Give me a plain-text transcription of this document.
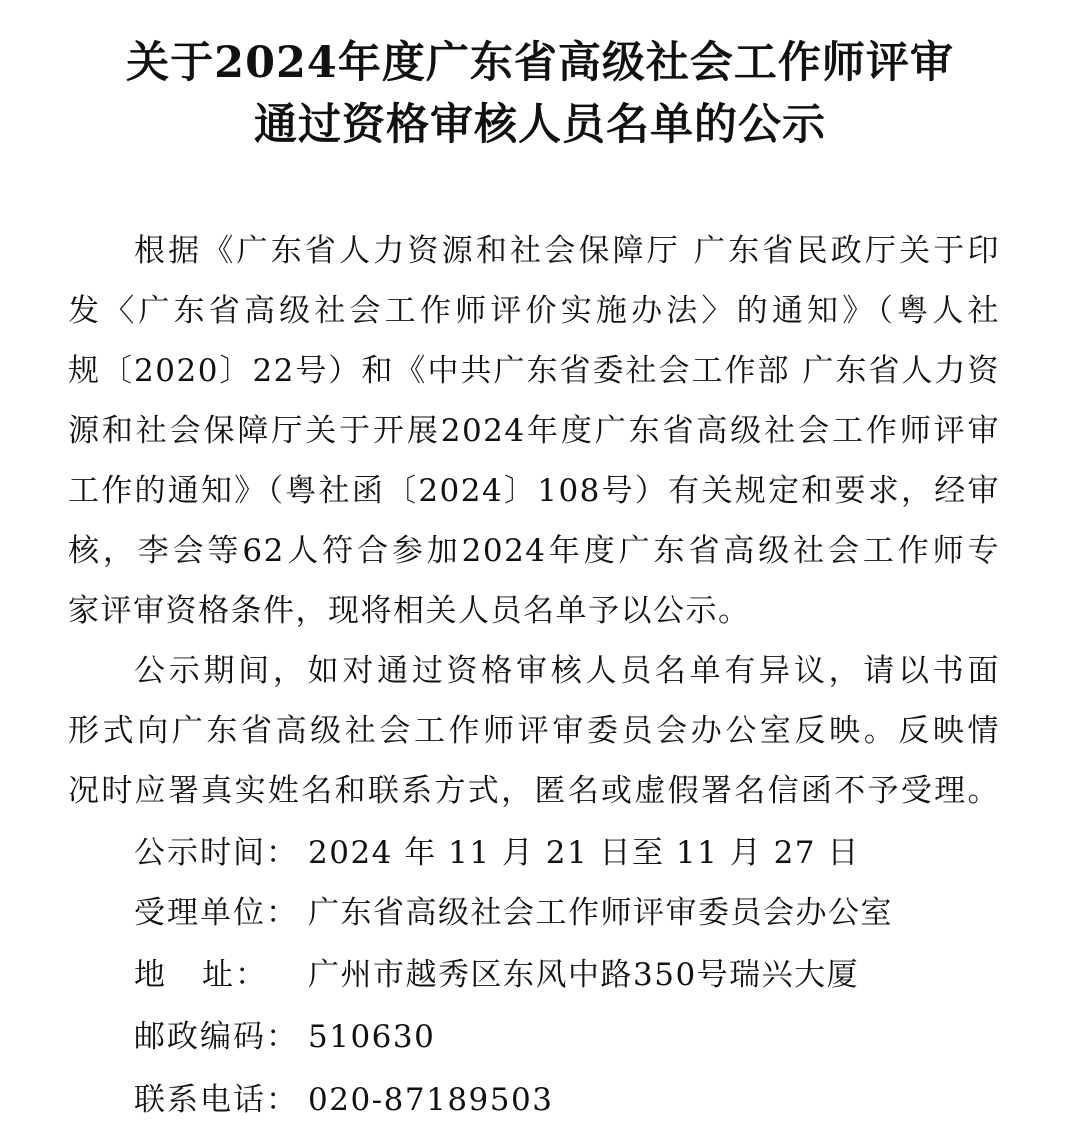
关于2024年度广东省高级社会工作师评审
通过资格审核人员名单的公示
根据《广东省人力资源和社会保障厅 广东省民政厅关于印
发〈广东省高级社会工作师评价实施办法〉的通知》（粤人社
规〔2020〕22号）和《中共广东省委社会工作部 广东省人力资
源和社会保障厅关于开展2024年度广东省高级社会工作师评审
工作的通知》（粤社函〔2024〕108号）有关规定和要求，经审
核，李会等62人符合参加2024年度广东省高级社会工作师专
家评审资格条件，现将相关人员名单予以公示。
公示期间，如对通过资格审核人员名单有异议，请以书面
形式向广东省高级社会工作师评审委员会办公室反映。反映情
况时应署真实姓名和联系方式，匿名或虚假署名信函不予受理。
公示时间： 2024 年 11 月 21 日至 11 月 27 日
受理单位： 广东省高级社会工作师评审委员会办公室
地 址： 广州市越秀区东风中路350号瑞兴大厦
邮政编码： 510630
联系电话： 020-87189503
